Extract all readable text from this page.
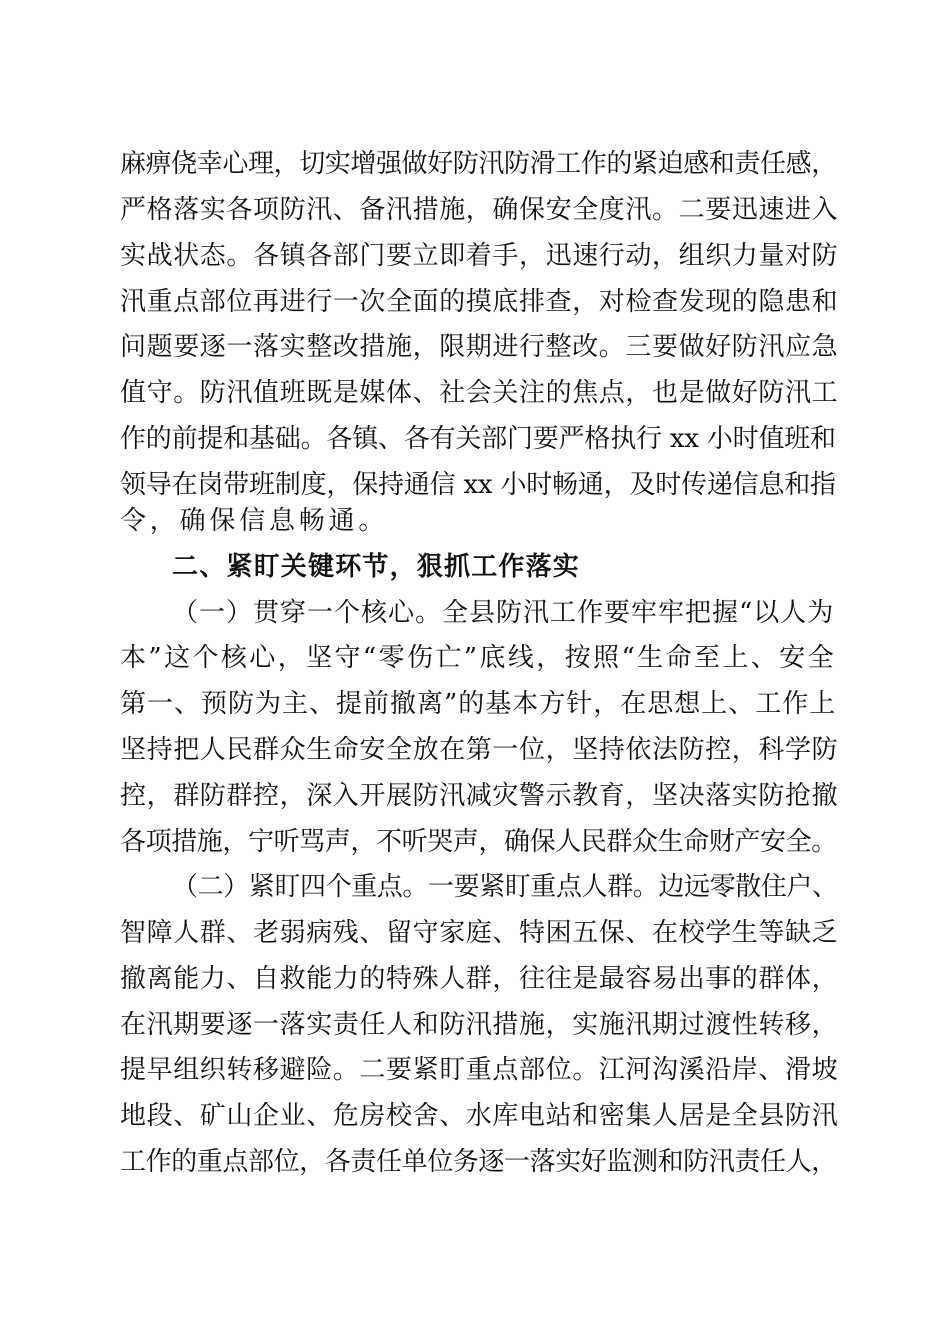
麻痹侥幸心理，切实增强做好防汛防滑工作的紧迫感和责任感，
严格落实各项防汛、备汛措施，确保安全度汛。二要迅速进入
实战状态。各镇各部门要立即着手，迅速行动，组织力量对防
汛重点部位再进行一次全面的摸底排查，对检查发现的隐患和
问题要逐一落实整改措施，限期进行整改。三要做好防汛应急
值守。防汛值班既是媒体、社会关注的焦点，也是做好防汛工
作的前提和基础。各镇、各有关部门要严格执行 xx 小时值班和
领导在岗带班制度，保持通信 xx 小时畅通，及时传递信息和指
令，确保信息畅通。
二、紧盯关键环节，狠抓工作落实
（一）贯穿一个核心。全县防汛工作要牢牢把握“以人为
本”这个核心，坚守“零伤亡”底线，按照“生命至上、安全
第一、预防为主、提前撤离”的基本方针，在思想上、工作上
坚持把人民群众生命安全放在第一位，坚持依法防控，科学防
控，群防群控，深入开展防汛减灾警示教育，坚决落实防抢撤
各项措施，宁听骂声，不听哭声，确保人民群众生命财产安全。
（二）紧盯四个重点。一要紧盯重点人群。边远零散住户、
智障人群、老弱病残、留守家庭、特困五保、在校学生等缺乏
撤离能力、自救能力的特殊人群，往往是最容易出事的群体，
在汛期要逐一落实责任人和防汛措施，实施汛期过渡性转移，
提早组织转移避险。二要紧盯重点部位。江河沟溪沿岸、滑坡
地段、矿山企业、危房校舍、水库电站和密集人居是全县防汛
工作的重点部位，各责任单位务逐一落实好监测和防汛责任人，
